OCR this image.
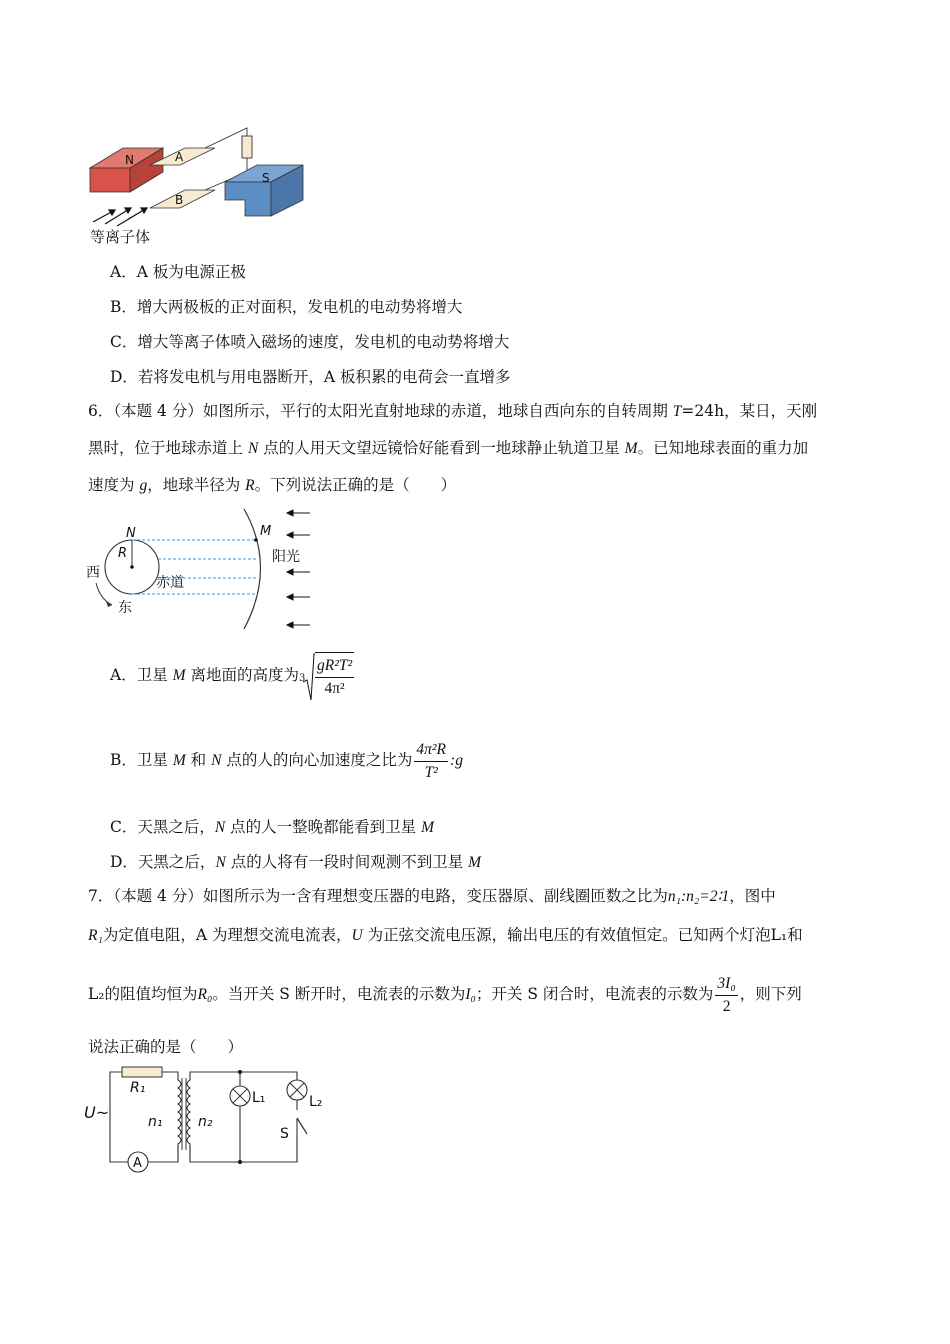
N	A
B
S
等离子体
A．A 板为电源正极
B．增大两极板的正对面积，发电机的电动势将增大
C．增大等离子体喷入磁场的速度，发电机的电动势将增大
D．若将发电机与用电器断开，A 板积累的电荷会一直增多
6．（本题 4 分）如图所示，平行的太阳光直射地球的赤道，地球自西向东的自转周期 T=24h，某日，天刚
黑时，位于地球赤道上 N 点的人用天文望远镜恰好能看到一地球静止轨道卫星 M。已知地球表面的重力加
速度为 g，地球半径为 R。下列说法正确的是（　　）
N
R
M
西
东
赤道
阳光
A．卫星 M 离地面的高度为 $3 \frac{\text{gR²T²}}{\text{4π²}}$
B．卫星 M 和 N 点的人的向心加速度之比为 $\frac{\text{4π²R}}{\text{T²}}$ :g
C．天黑之后，N 点的人一整晚都能看到卫星 M
D．天黑之后，N 点的人将有一段时间观测不到卫星 M
7．（本题 4 分）如图所示为一含有理想变压器的电路，变压器原、副线圈匝数之比为n₁:n₂=2∶1，图中
R₁为定值电阻，A 为理想交流电流表，U 为正弦交流电压源，输出电压的有效值恒定。已知两个灯泡L₁和
L₂的阻值均恒为R₀。当开关 S 断开时，电流表的示数为I₀；开关 S 闭合时，电流表的示数为 $\frac{\text{3I₀}}{2}$ ，则下列
说法正确的是（　　）
R₁
n₁	n₂
U~
A
L₁	L₂
S
